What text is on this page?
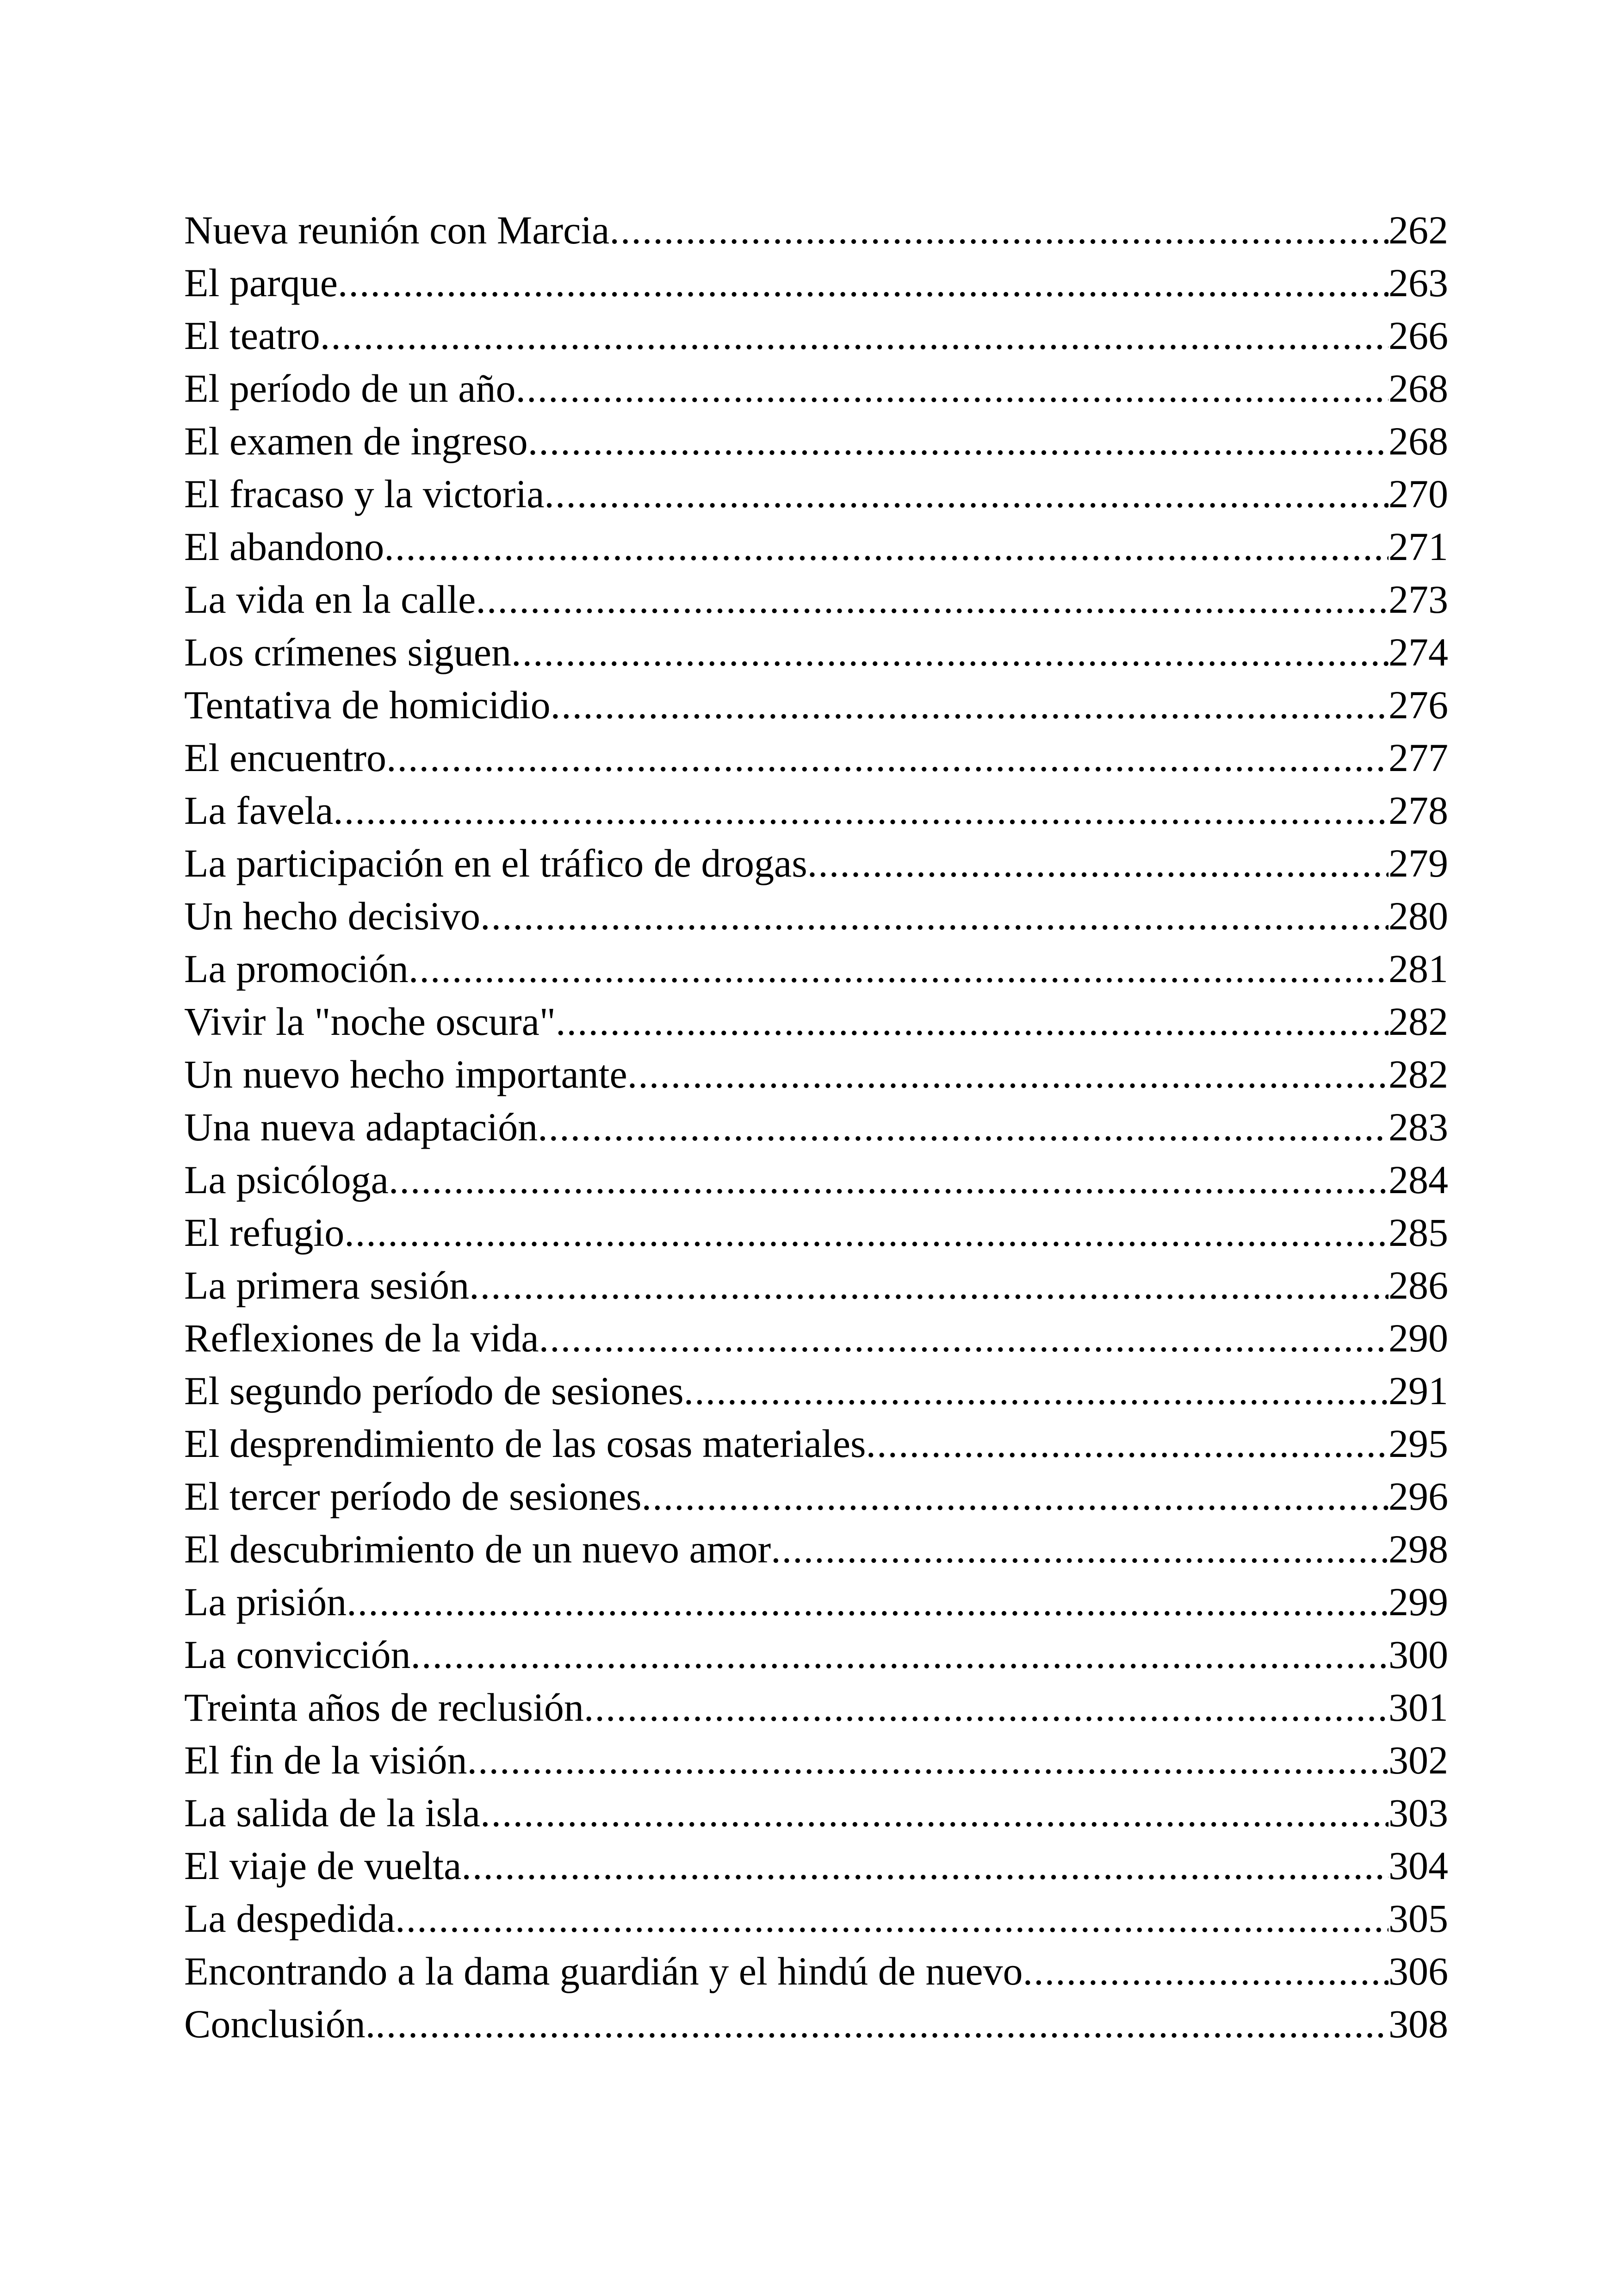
Nueva reunión con Marcia .....	262
El parque .....	263
El teatro .....	266
El período de un año .....	268
El examen de ingreso .....	268
El fracaso y la victoria .....	270
El abandono .....	271
La vida en la calle .....	273
Los crímenes siguen .....	274
Tentativa de homicidio .....	276
El encuentro .....	277
La favela .....	278
La participación en el tráfico de drogas .....	279
Un hecho decisivo .....	280
La promoción .....	281
Vivir la "noche oscura" .....	282
Un nuevo hecho importante .....	282
Una nueva adaptación .....	283
La psicóloga .....	284
El refugio .....	285
La primera sesión .....	286
Reflexiones de la vida .....	290
El segundo período de sesiones .....	291
El desprendimiento de las cosas materiales .....	295
El tercer período de sesiones .....	296
El descubrimiento de un nuevo amor .....	298
La prisión .....	299
La convicción .....	300
Treinta años de reclusión .....	301
El fin de la visión .....	302
La salida de la isla .....	303
El viaje de vuelta .....	304
La despedida .....	305
Encontrando a la dama guardián y el hindú de nuevo .....	306
Conclusión. .....	308
